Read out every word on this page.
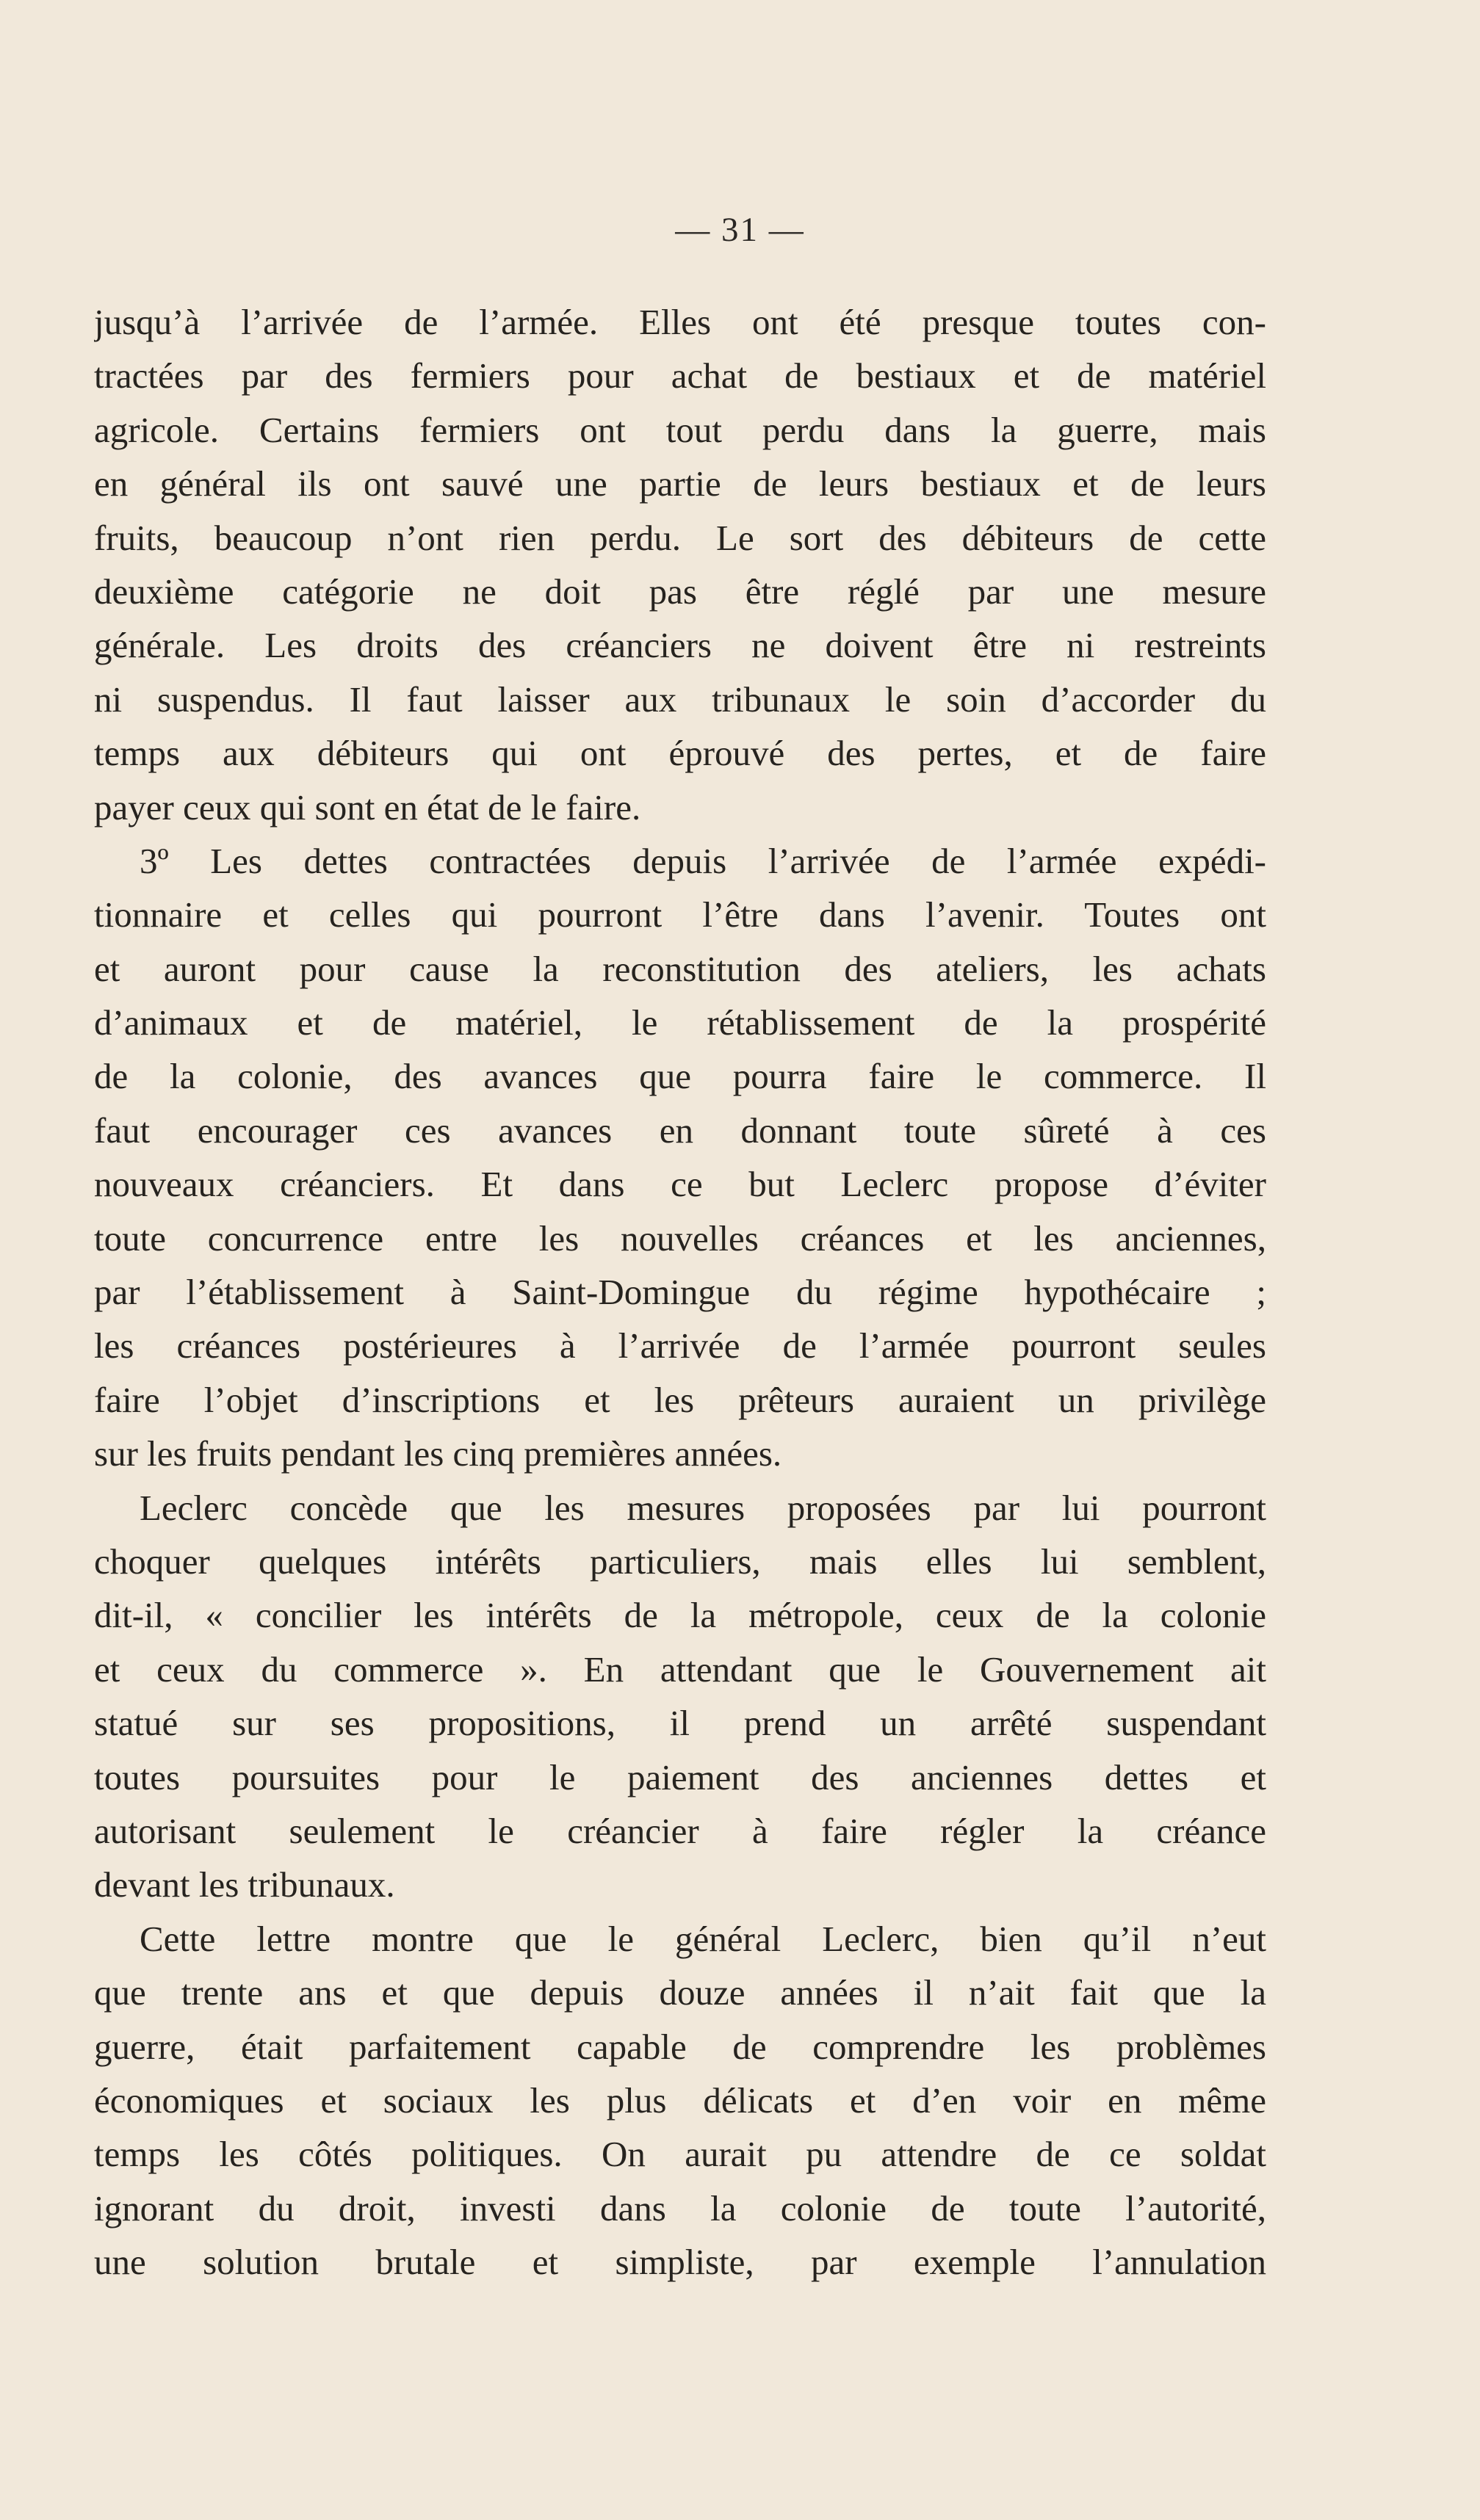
— 31 —
jusqu’à l’arrivée de l’armée. Elles ont été presque toutes con-
tractées par des fermiers pour achat de bestiaux et de matériel
agricole. Certains fermiers ont tout perdu dans la guerre, mais
en général ils ont sauvé une partie de leurs bestiaux et de leurs
fruits, beaucoup n’ont rien perdu. Le sort des débiteurs de cette
deuxième catégorie ne doit pas être réglé par une mesure
générale. Les droits des créanciers ne doivent être ni restreints
ni suspendus. Il faut laisser aux tribunaux le soin d’accorder du
temps aux débiteurs qui ont éprouvé des pertes, et de faire
payer ceux qui sont en état de le faire.
3º Les dettes contractées depuis l’arrivée de l’armée expédi-
tionnaire et celles qui pourront l’être dans l’avenir. Toutes ont
et auront pour cause la reconstitution des ateliers, les achats
d’animaux et de matériel, le rétablissement de la prospérité
de la colonie, des avances que pourra faire le commerce. Il
faut encourager ces avances en donnant toute sûreté à ces
nouveaux créanciers. Et dans ce but Leclerc propose d’éviter
toute concurrence entre les nouvelles créances et les anciennes,
par l’établissement à Saint-Domingue du régime hypothécaire ;
les créances postérieures à l’arrivée de l’armée pourront seules
faire l’objet d’inscriptions et les prêteurs auraient un privilège
sur les fruits pendant les cinq premières années.
Leclerc concède que les mesures proposées par lui pourront
choquer quelques intérêts particuliers, mais elles lui semblent,
dit-il, « concilier les intérêts de la métropole, ceux de la colonie
et ceux du commerce ». En attendant que le Gouvernement ait
statué sur ses propositions, il prend un arrêté suspendant
toutes poursuites pour le paiement des anciennes dettes et
autorisant seulement le créancier à faire régler la créance
devant les tribunaux.
Cette lettre montre que le général Leclerc, bien qu’il n’eut
que trente ans et que depuis douze années il n’ait fait que la
guerre, était parfaitement capable de comprendre les problèmes
économiques et sociaux les plus délicats et d’en voir en même
temps les côtés politiques. On aurait pu attendre de ce soldat
ignorant du droit, investi dans la colonie de toute l’autorité,
une solution brutale et simpliste, par exemple l’annulation
